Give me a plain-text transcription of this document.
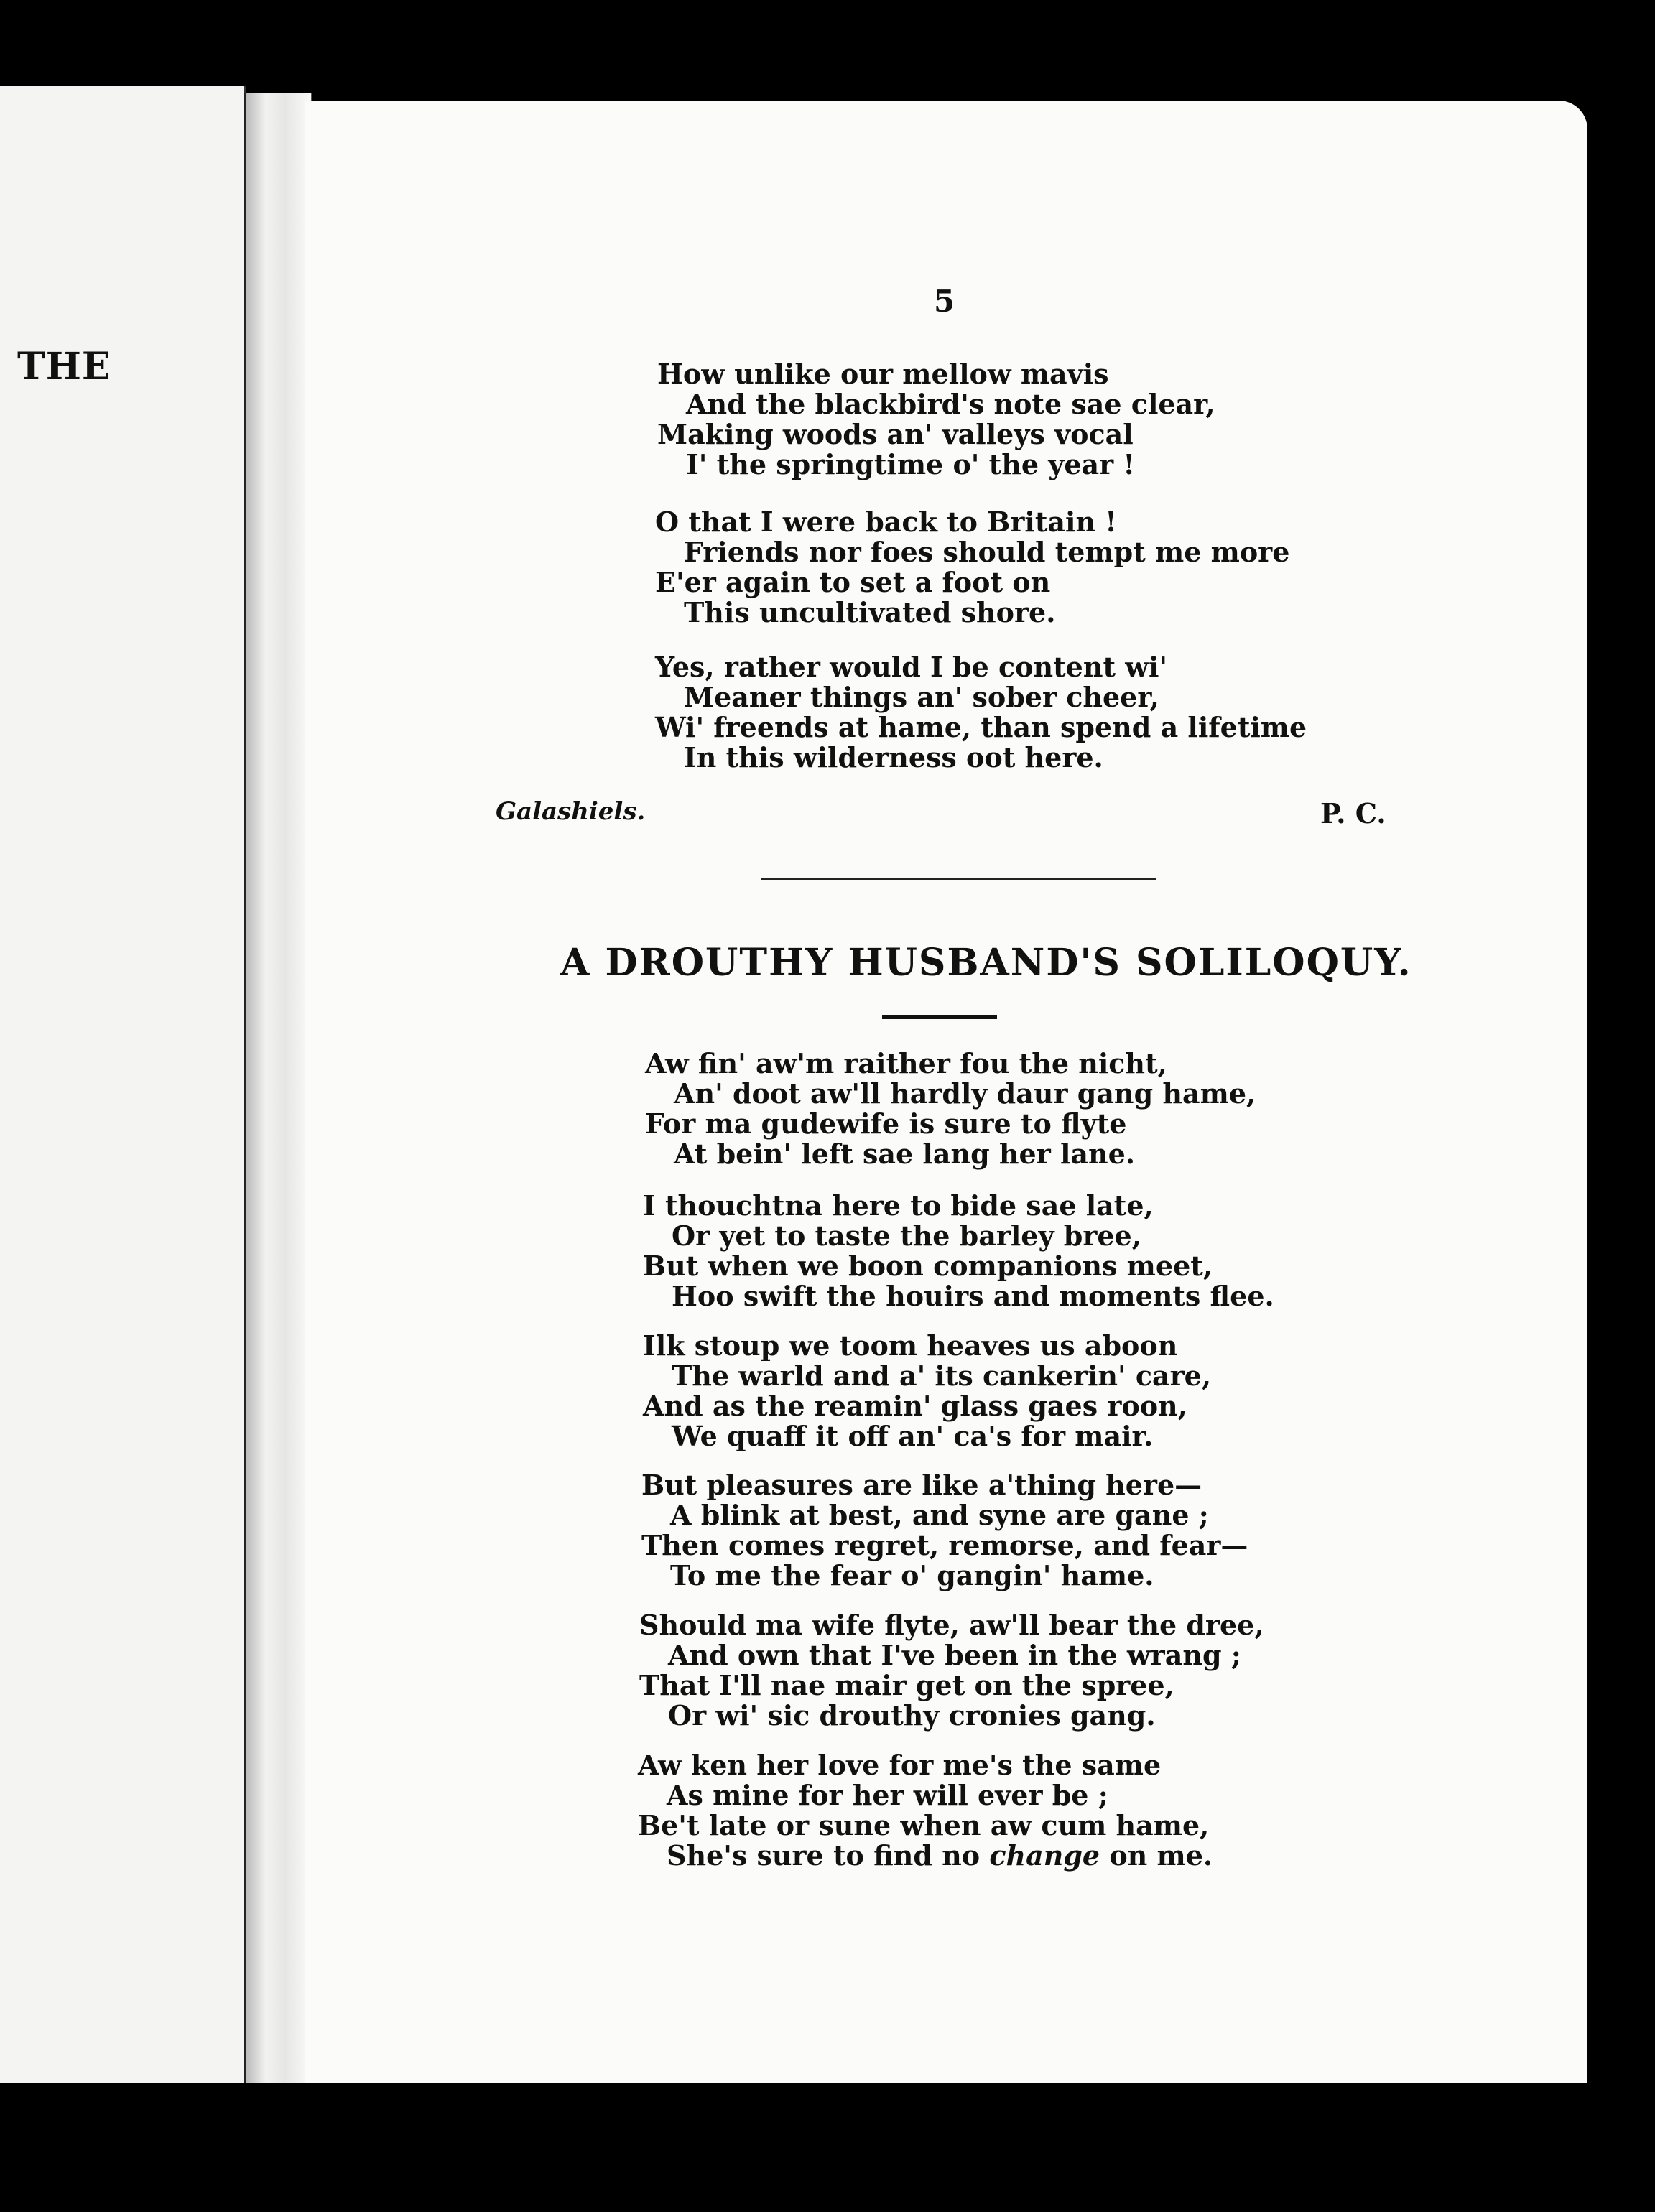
THE
5
How unlike our mellow mavis
And the blackbird's note sae clear,
Making woods an' valleys vocal
I' the springtime o' the year !
O that I were back to Britain !
Friends nor foes should tempt me more
E'er again to set a foot on
This uncultivated shore.
Yes, rather would I be content wi'
Meaner things an' sober cheer,
Wi' freends at hame, than spend a lifetime
In this wilderness oot here.
Galashiels.	P. C.
A DROUTHY HUSBAND'S SOLILOQUY.
Aw fin' aw'm raither fou the nicht,
An' doot aw'll hardly daur gang hame,
For ma gudewife is sure to flyte
At bein' left sae lang her lane.
I thouchtna here to bide sae late,
Or yet to taste the barley bree,
But when we boon companions meet,
Hoo swift the houirs and moments flee.
Ilk stoup we toom heaves us aboon
The warld and a' its cankerin' care,
And as the reamin' glass gaes roon,
We quaff it off an' ca's for mair.
But pleasures are like a'thing here—
A blink at best, and syne are gane ;
Then comes regret, remorse, and fear—
To me the fear o' gangin' hame.
Should ma wife flyte, aw'll bear the dree,
And own that I've been in the wrang ;
That I'll nae mair get on the spree,
Or wi' sic drouthy cronies gang.
Aw ken her love for me's the same
As mine for her will ever be ;
Be't late or sune when aw cum hame,
She's sure to find no change on me.
